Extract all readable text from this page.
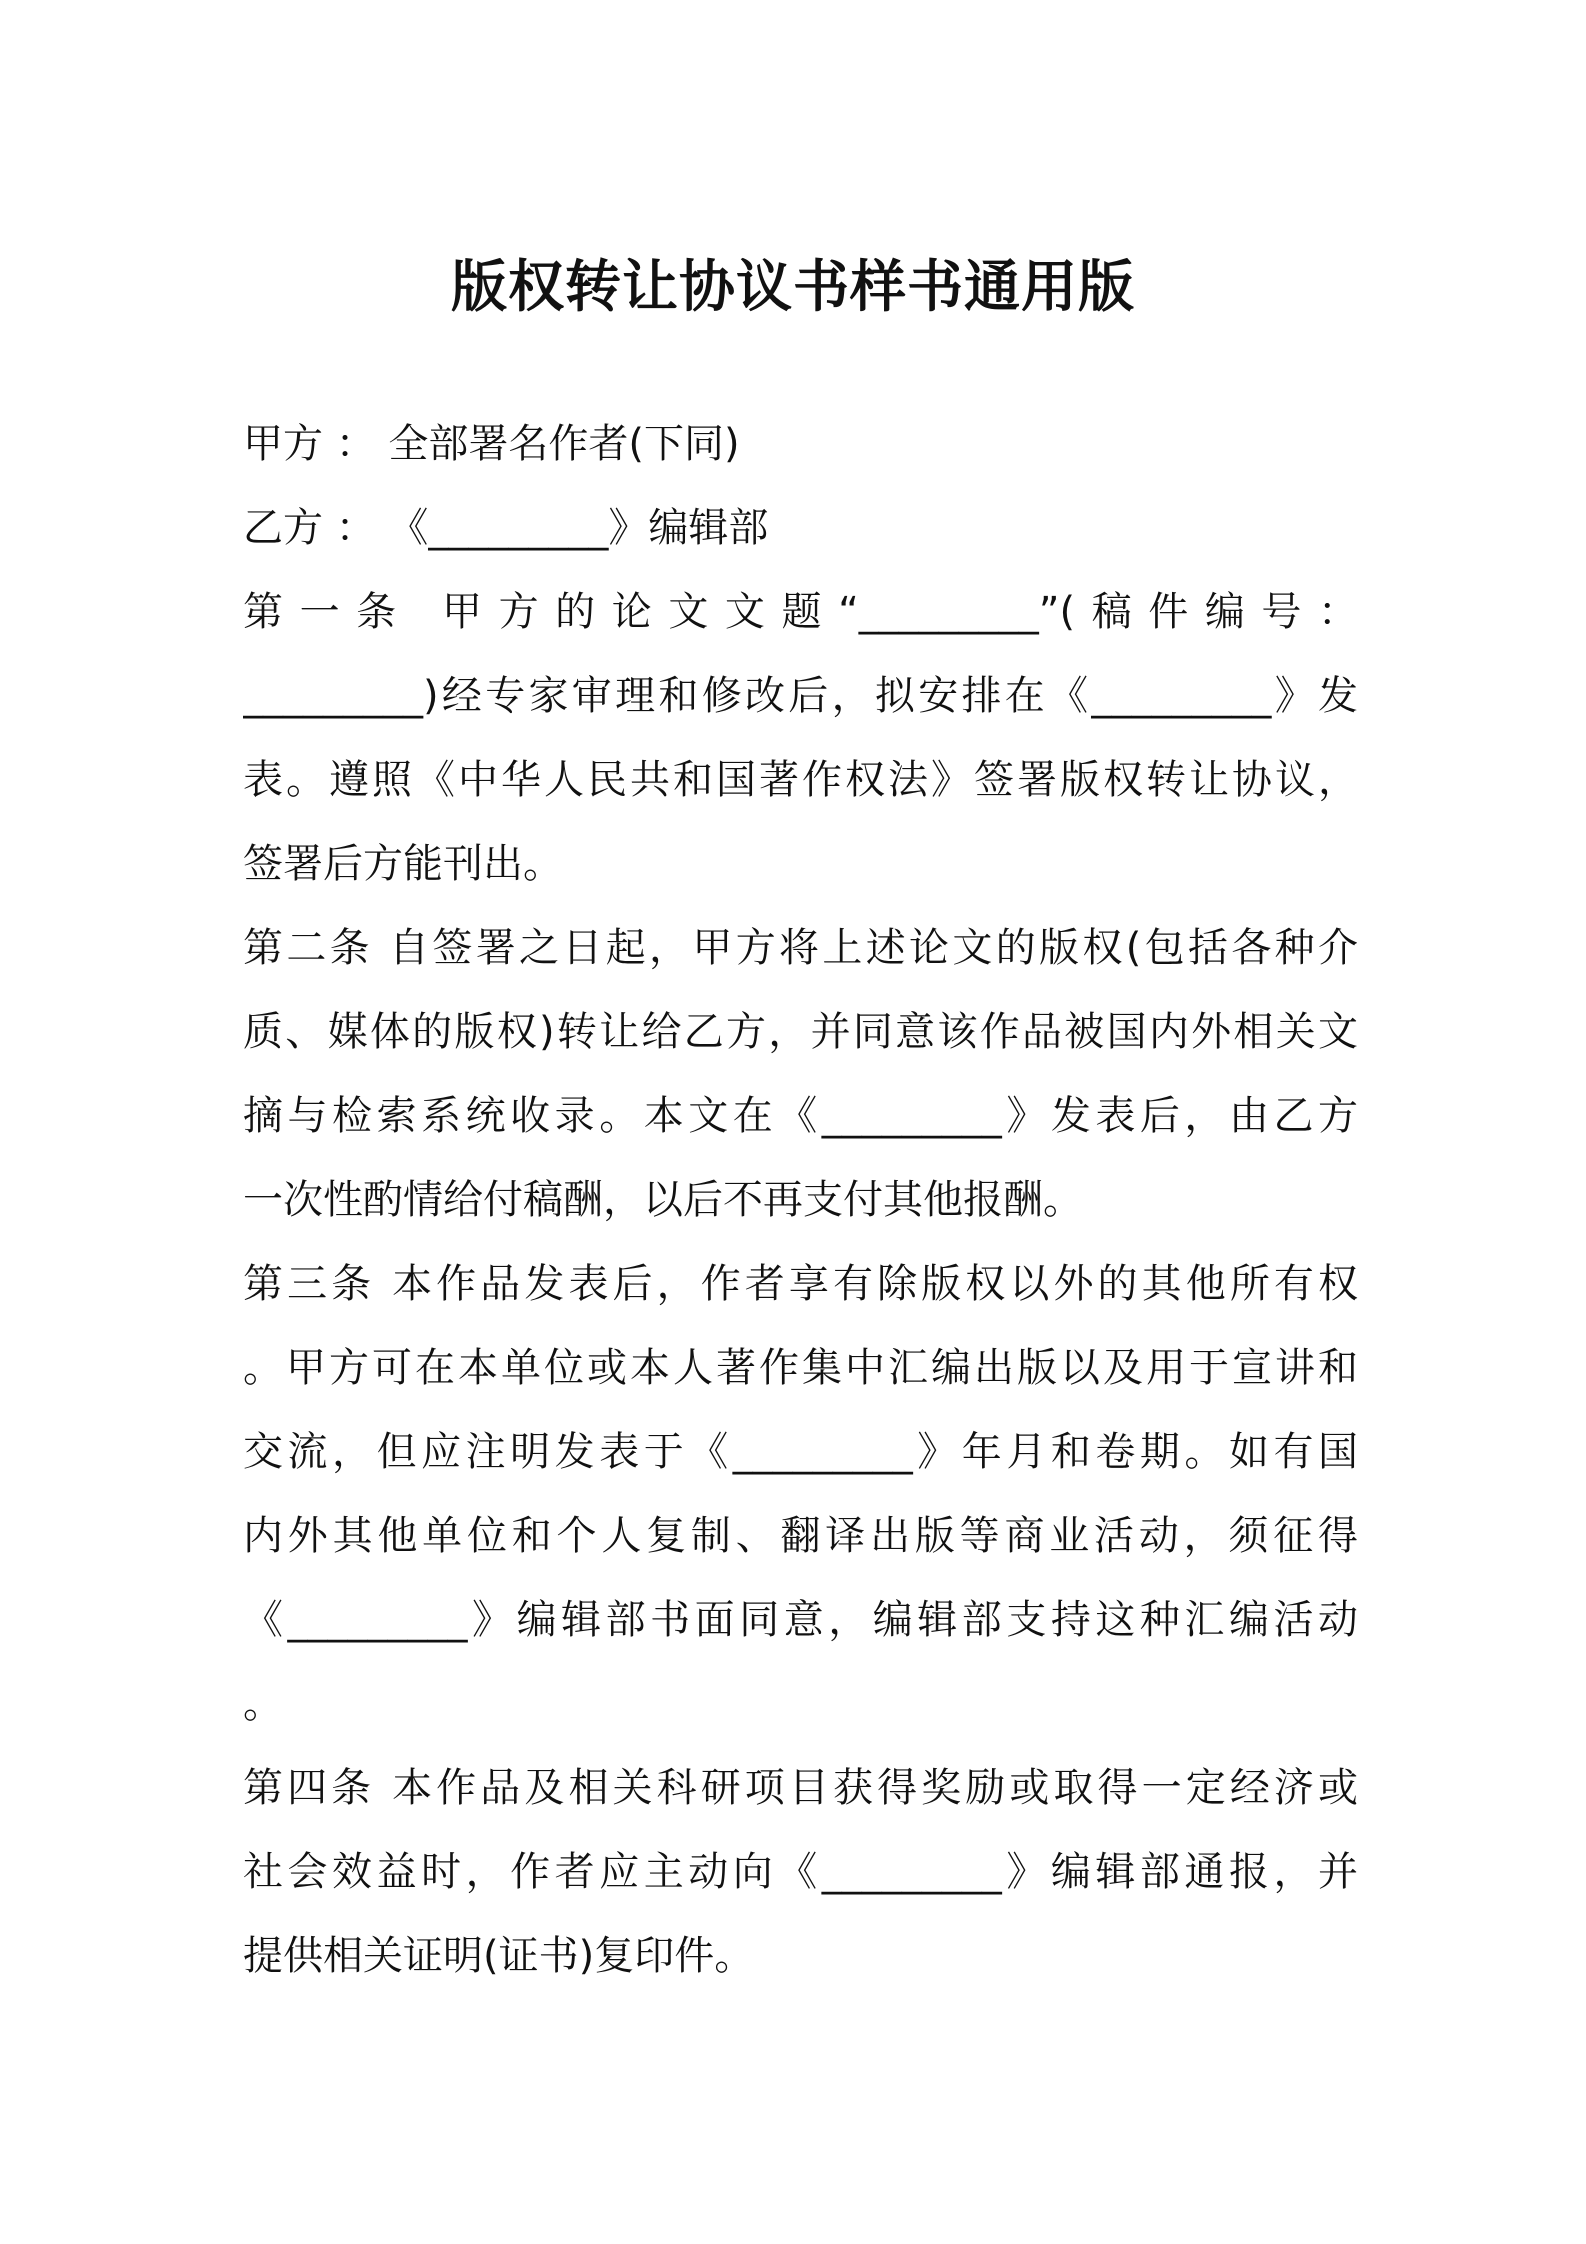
版权转让协议书样书通用版
甲方 ： 全部署名作者(下同)
乙方 ： 《_________》编辑部
第一条 甲方的论文文题“_________”(稿件编号：
_________)经专家审理和修改后，拟安排在《_________》发
表。遵照《中华人民共和国著作权法》签署版权转让协议，
签署后方能刊出。
第二条 自签署之日起，甲方将上述论文的版权(包括各种介
质、媒体的版权)转让给乙方，并同意该作品被国内外相关文
摘与检索系统收录。本文在《_________》发表后，由乙方
一次性酌情给付稿酬，以后不再支付其他报酬。
第三条 本作品发表后，作者享有除版权以外的其他所有权
。甲方可在本单位或本人著作集中汇编出版以及用于宣讲和
交流，但应注明发表于《_________》年月和卷期。如有国
内外其他单位和个人复制、翻译出版等商业活动，须征得
《_________》编辑部书面同意，编辑部支持这种汇编活动
。
第四条 本作品及相关科研项目获得奖励或取得一定经济或
社会效益时，作者应主动向《_________》编辑部通报，并
提供相关证明(证书)复印件。
